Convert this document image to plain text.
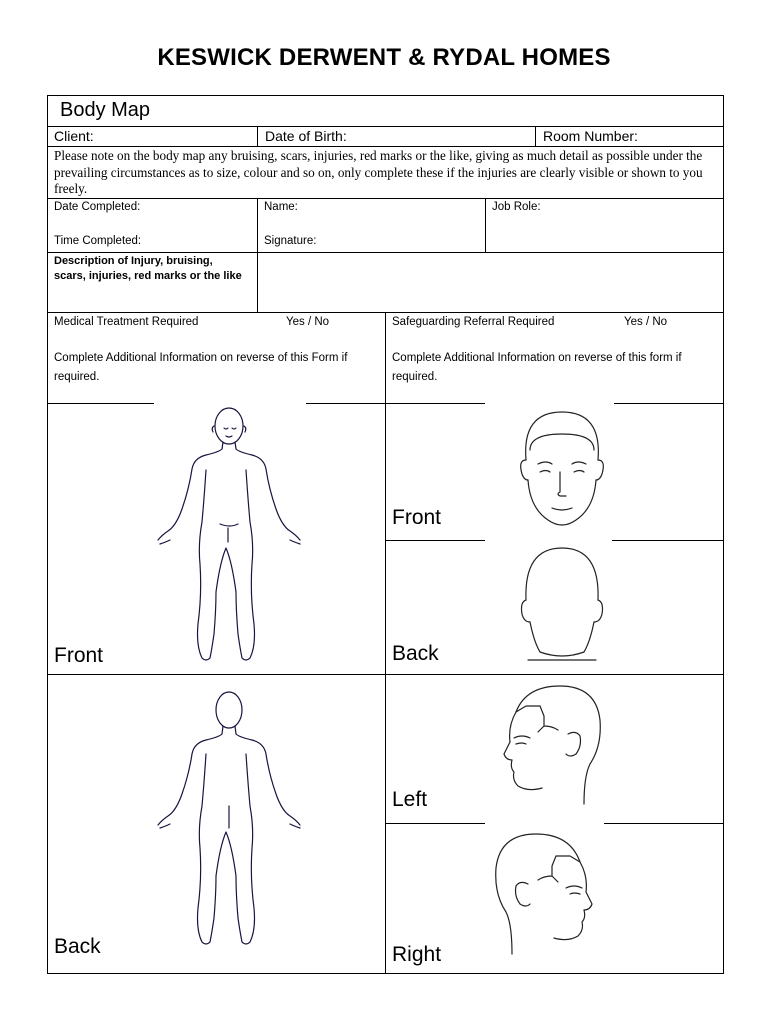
KESWICK DERWENT & RYDAL HOMES
Body Map
Client:	Date of Birth:	Room Number:
Please note on the body map any bruising, scars, injuries, red marks or the like, giving as much detail as possible under the prevailing circumstances as to size, colour and so on, only complete these if the injuries are clearly visible or shown to you freely.
Date Completed:
Time Completed:
Name:
Signature:
Job Role:
Description of Injury, bruising, scars, injuries, red marks or the like
Medical Treatment Required	Yes / No
Complete Additional Information on reverse of this Form if required.
Safeguarding Referral Required	Yes / No
Complete Additional Information on reverse of this form if required.
Front
Back
Front
Back
Left
Right
